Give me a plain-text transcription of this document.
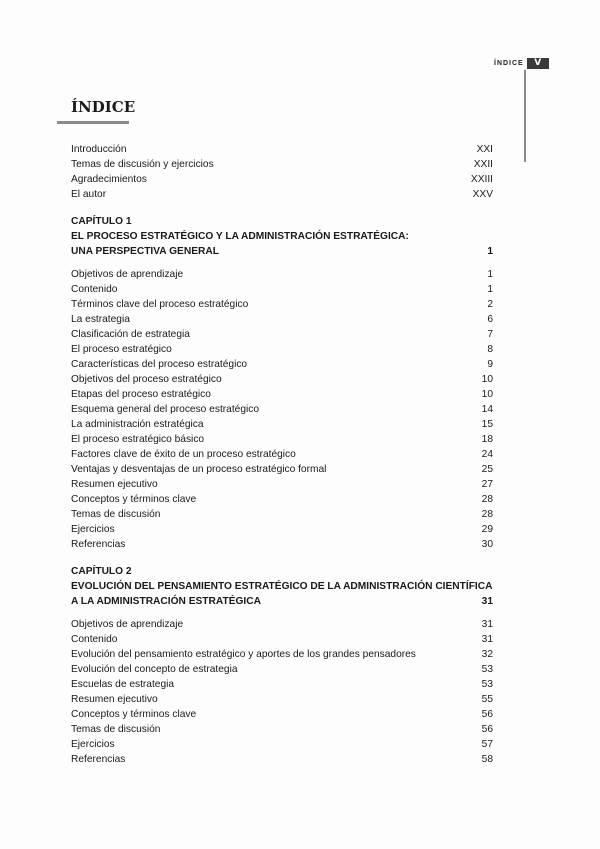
ÍNDICE	V
ÍNDICE
Introducción	XXI
Temas de discusión y ejercicios	XXII
Agradecimientos	XXIII
El autor	XXV
CAPÍTULO 1
EL PROCESO ESTRATÉGICO Y LA ADMINISTRACIÓN ESTRATÉGICA:
UNA PERSPECTIVA GENERAL	1
Objetivos de aprendizaje	1
Contenido	1
Términos clave del proceso estratégico	2
La estrategia	6
Clasificación de estrategia	7
El proceso estratégico	8
Características del proceso estratégico	9
Objetivos del proceso estratégico	10
Etapas del proceso estratégico	10
Esquema general del proceso estratégico	14
La administración estratégica	15
El proceso estratégico básico	18
Factores clave de éxito de un proceso estratégico	24
Ventajas y desventajas de un proceso estratégico formal	25
Resumen ejecutivo	27
Conceptos y términos clave	28
Temas de discusión	28
Ejercicios	29
Referencias	30
CAPÍTULO 2
EVOLUCIÓN DEL PENSAMIENTO ESTRATÉGICO DE LA ADMINISTRACIÓN CIENTÍFICA
A LA ADMINISTRACIÓN ESTRATÉGICA	31
Objetivos de aprendizaje	31
Contenido	31
Evolución del pensamiento estratégico y aportes de los grandes pensadores	32
Evolución del concepto de estrategia	53
Escuelas de estrategia	53
Resumen ejecutivo	55
Conceptos y términos clave	56
Temas de discusión	56
Ejercicios	57
Referencias	58
